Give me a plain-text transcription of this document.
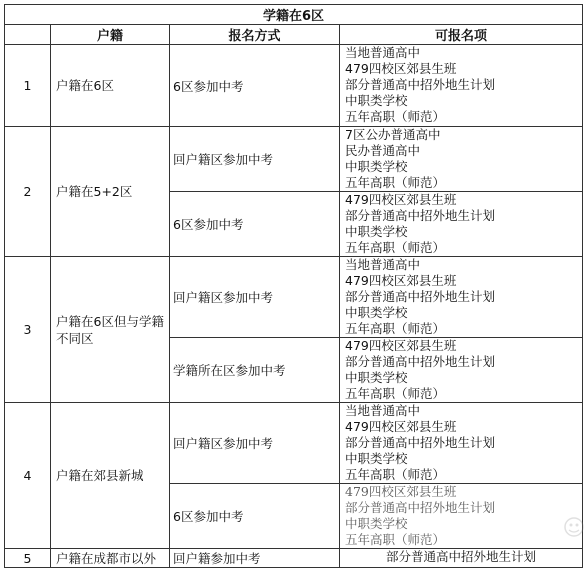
学籍在6区			
	户籍	报名方式	可报名项
1	户籍在6区	6区参加中考	当地普通高中
479四校区郊县生班
部分普通高中招外地生计划
中职类学校
五年高职（师范）

2	户籍在5+2区	回户籍区参加中考	7区公办普通高中
民办普通高中
中职类学校
五年高职（师范）

		6区参加中考	479四校区郊县生班
部分普通高中招外地生计划
中职类学校
五年高职（师范）

3	户籍在6区但与学籍不同区	回户籍区参加中考	当地普通高中
479四校区郊县生班
部分普通高中招外地生计划
中职类学校
五年高职（师范）

		学籍所在区参加中考	479四校区郊县生班
部分普通高中招外地生计划
中职类学校
五年高职（师范）

4	户籍在郊县新城	回户籍区参加中考	当地普通高中
479四校区郊县生班
部分普通高中招外地生计划
中职类学校
五年高职（师范）

		6区参加中考	479四校区郊县生班
部分普通高中招外地生计划
中职类学校
五年高职（师范）

5	户籍在成都市以外	回户籍参加中考	部分普通高中招外地生计划
